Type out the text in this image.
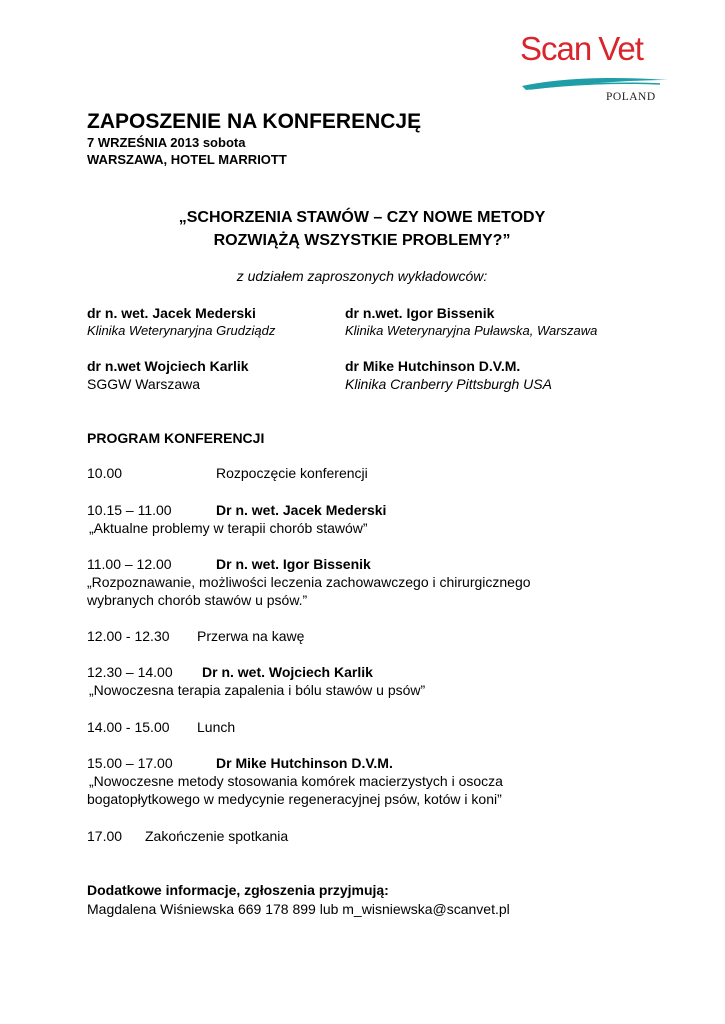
Scan Vet
POLAND
ZAPOSZENIE NA KONFERENCJĘ
7 WRZEŚNIA 2013 sobota
WARSZAWA, HOTEL MARRIOTT
„SCHORZENIA STAWÓW – CZY NOWE METODY
ROZWIĄŻĄ WSZYSTKIE PROBLEMY?”
z udziałem zaproszonych wykładowców:
dr n. wet. Jacek Mederski
Klinika Weterynaryjna Grudziądz
dr n.wet. Igor Bissenik
Klinika Weterynaryjna Puławska, Warszawa
dr n.wet Wojciech Karlik
SGGW Warszawa
dr Mike Hutchinson D.V.M.
Klinika Cranberry Pittsburgh USA
PROGRAM KONFERENCJI
10.00	Rozpoczęcie konferencji
10.15 – 11.00	Dr n. wet. Jacek Mederski
„Aktualne problemy w terapii chorób stawów”
11.00 – 12.00	Dr n. wet. Igor Bissenik
„Rozpoznawanie, możliwości leczenia zachowawczego i chirurgicznego
wybranych chorób stawów u psów.”
12.00 - 12.30 Przerwa na kawę
12.30 – 14.00 Dr n. wet. Wojciech Karlik
„Nowoczesna terapia zapalenia i bólu stawów u psów”
14.00 - 15.00 Lunch
15.00 – 17.00	Dr Mike Hutchinson D.V.M.
„Nowoczesne metody stosowania komórek macierzystych i osocza
bogatopłytkowego w medycynie regeneracyjnej psów, kotów i koni”
17.00 Zakończenie spotkania
Dodatkowe informacje, zgłoszenia przyjmują:
Magdalena Wiśniewska 669 178 899 lub m_wisniewska@scanvet.pl
